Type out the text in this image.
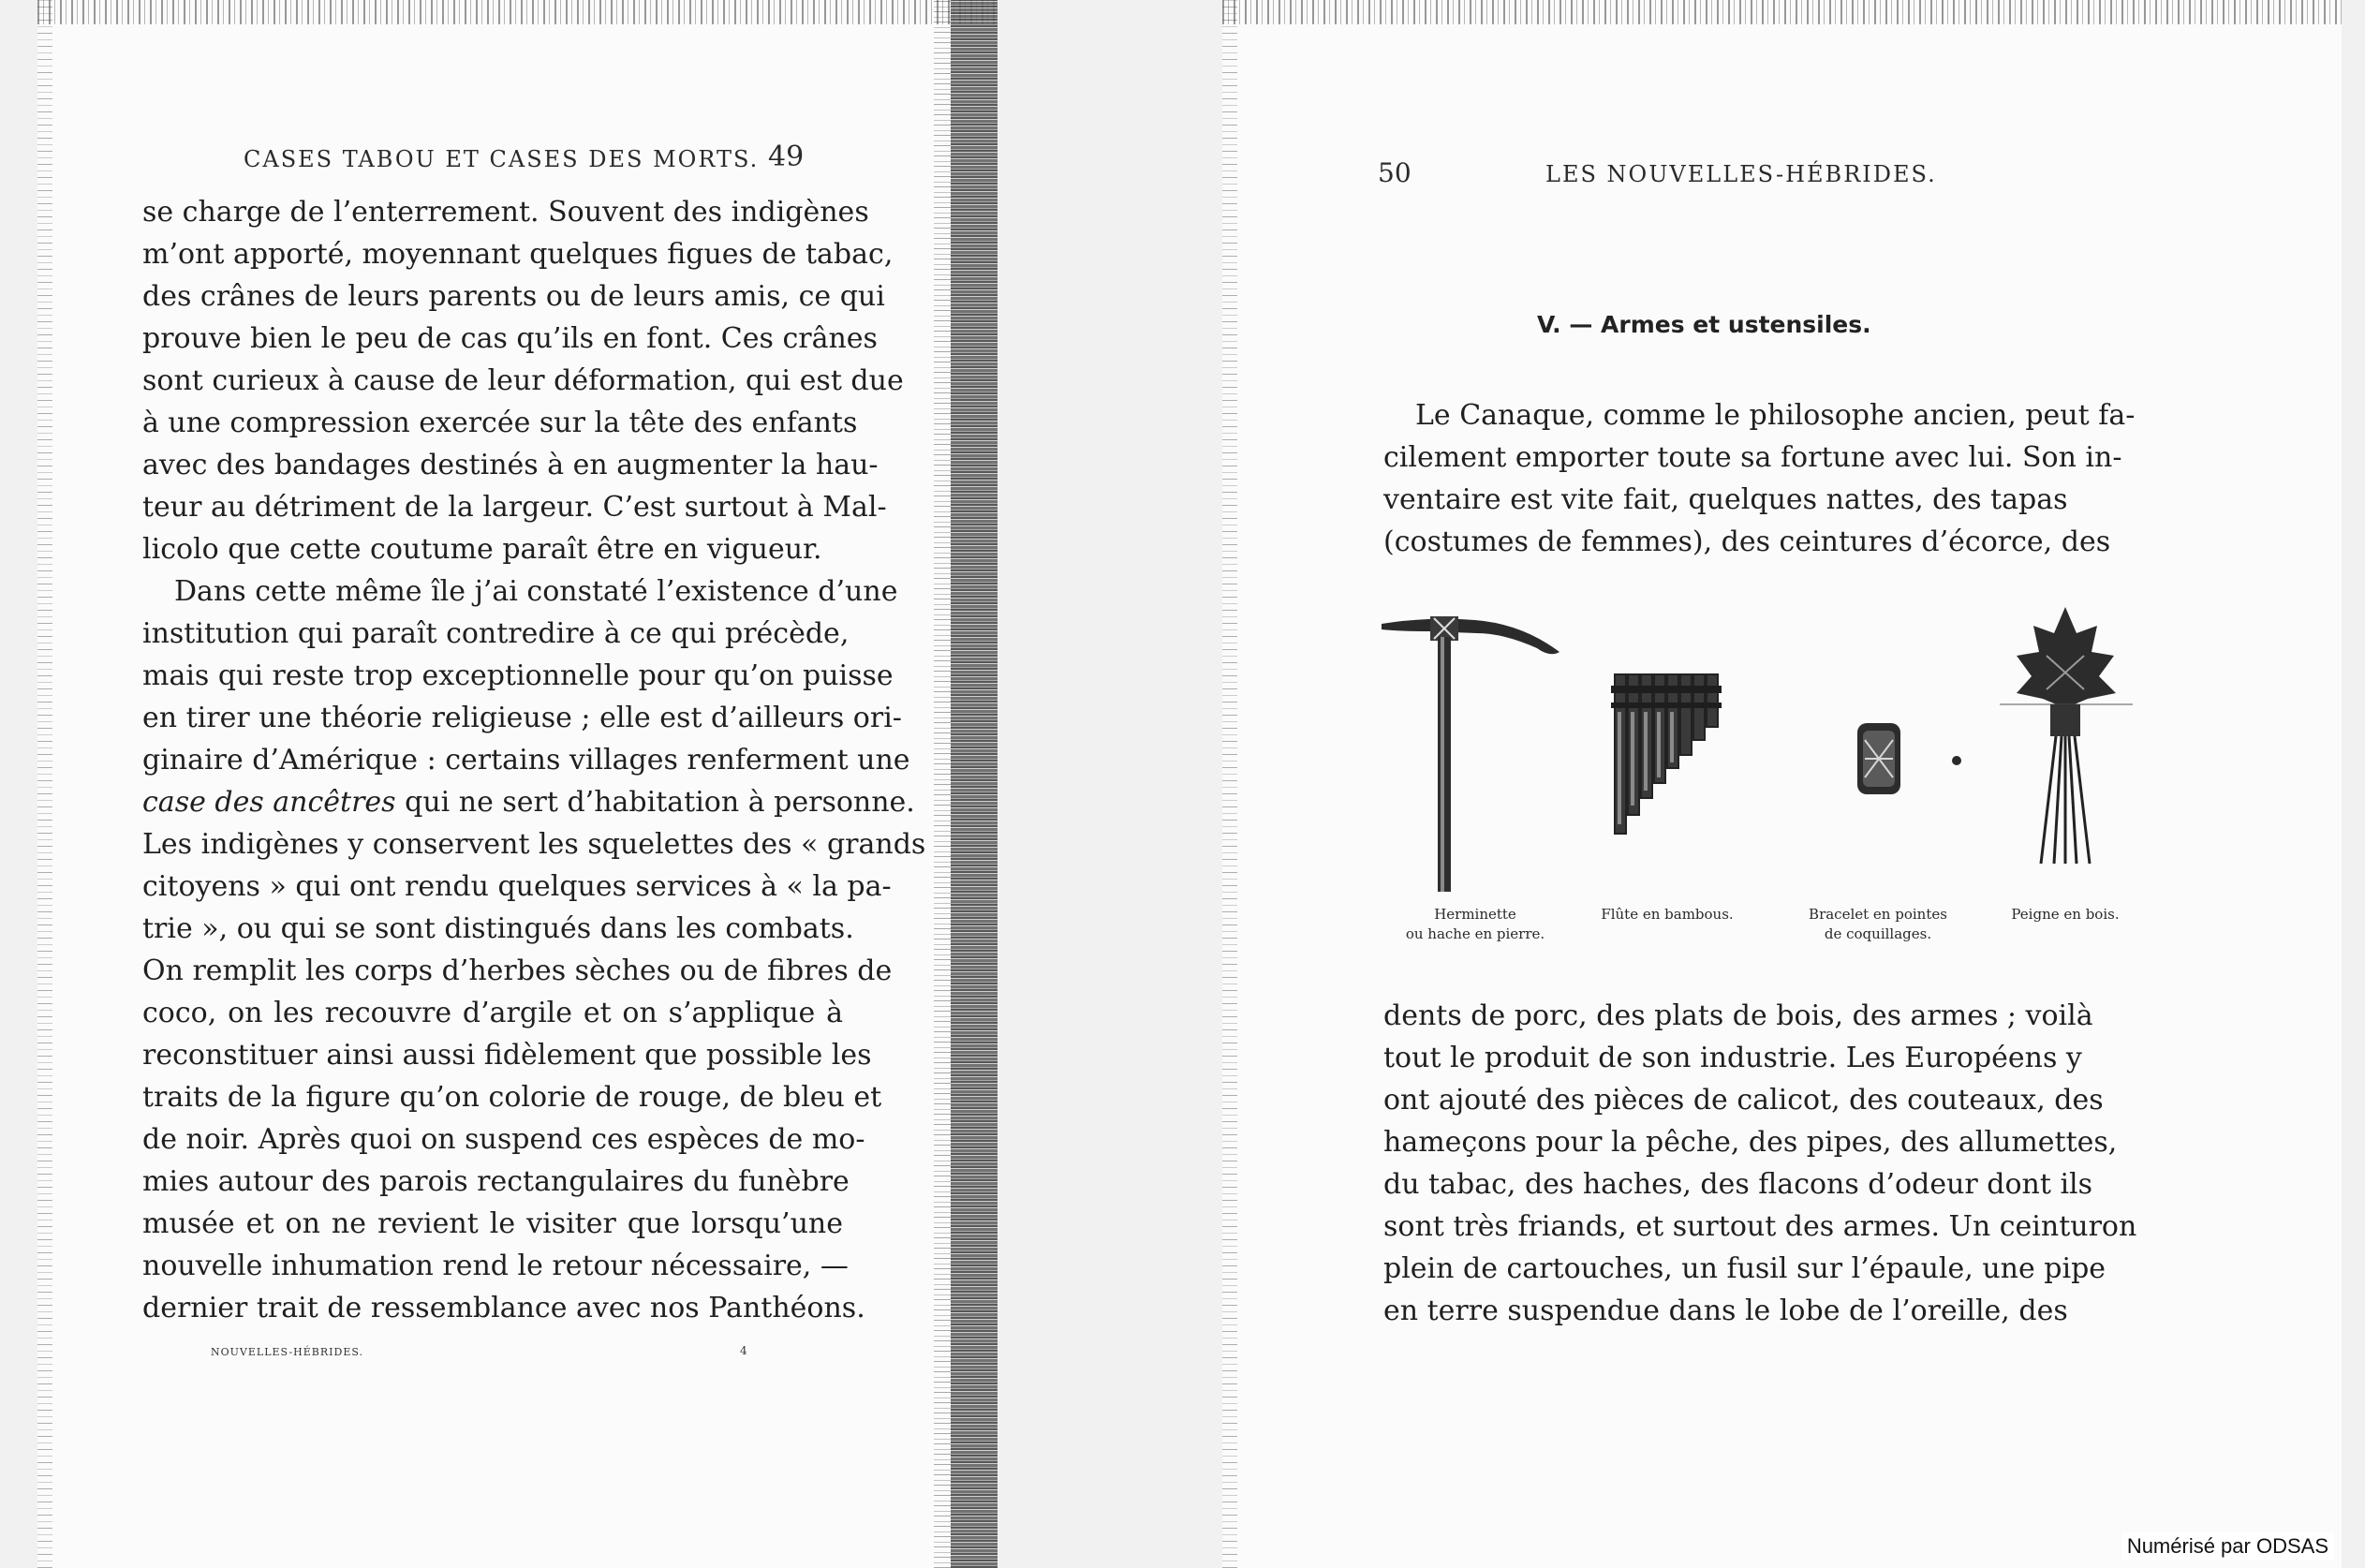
CASES TABOU ET CASES DES MORTS. 49
se charge de l’enterrement. Souvent des indigènes
m’ont apporté, moyennant quelques figues de tabac,
des crânes de leurs parents ou de leurs amis, ce qui
prouve bien le peu de cas qu’ils en font. Ces crânes
sont curieux à cause de leur déformation, qui est due
à une compression exercée sur la tête des enfants
avec des bandages destinés à en augmenter la hau-
teur au détriment de la largeur. C’est surtout à Mal-
licolo que cette coutume paraît être en vigueur.
Dans cette même île j’ai constaté l’existence d’une
institution qui paraît contredire à ce qui précède,
mais qui reste trop exceptionnelle pour qu’on puisse
en tirer une théorie religieuse ; elle est d’ailleurs ori-
ginaire d’Amérique : certains villages renferment une
case des ancêtres qui ne sert d’habitation à personne.
Les indigènes y conservent les squelettes des « grands
citoyens » qui ont rendu quelques services à « la pa-
trie », ou qui se sont distingués dans les combats.
On remplit les corps d’herbes sèches ou de fibres de
coco, on les recouvre d’argile et on s’applique à
reconstituer ainsi aussi fidèlement que possible les
traits de la figure qu’on colorie de rouge, de bleu et
de noir. Après quoi on suspend ces espèces de mo-
mies autour des parois rectangulaires du funèbre
musée et on ne revient le visiter que lorsqu’une
nouvelle inhumation rend le retour nécessaire, —
dernier trait de ressemblance avec nos Panthéons.
NOUVELLES-HÉBRIDES.	4
50	LES NOUVELLES-HÉBRIDES.
V. — Armes et ustensiles.
Le Canaque, comme le philosophe ancien, peut fa-
cilement emporter toute sa fortune avec lui. Son in-
ventaire est vite fait, quelques nattes, des tapas
(costumes de femmes), des ceintures d’écorce, des
Herminette
ou hache en pierre.
Flûte en bambous.	Bracelet en pointes
de coquillages.
Peigne en bois.
dents de porc, des plats de bois, des armes ; voilà
tout le produit de son industrie. Les Européens y
ont ajouté des pièces de calicot, des couteaux, des
hameçons pour la pêche, des pipes, des allumettes,
du tabac, des haches, des flacons d’odeur dont ils
sont très friands, et surtout des armes. Un ceinturon
plein de cartouches, un fusil sur l’épaule, une pipe
en terre suspendue dans le lobe de l’oreille, des
Numérisé par ODSAS
